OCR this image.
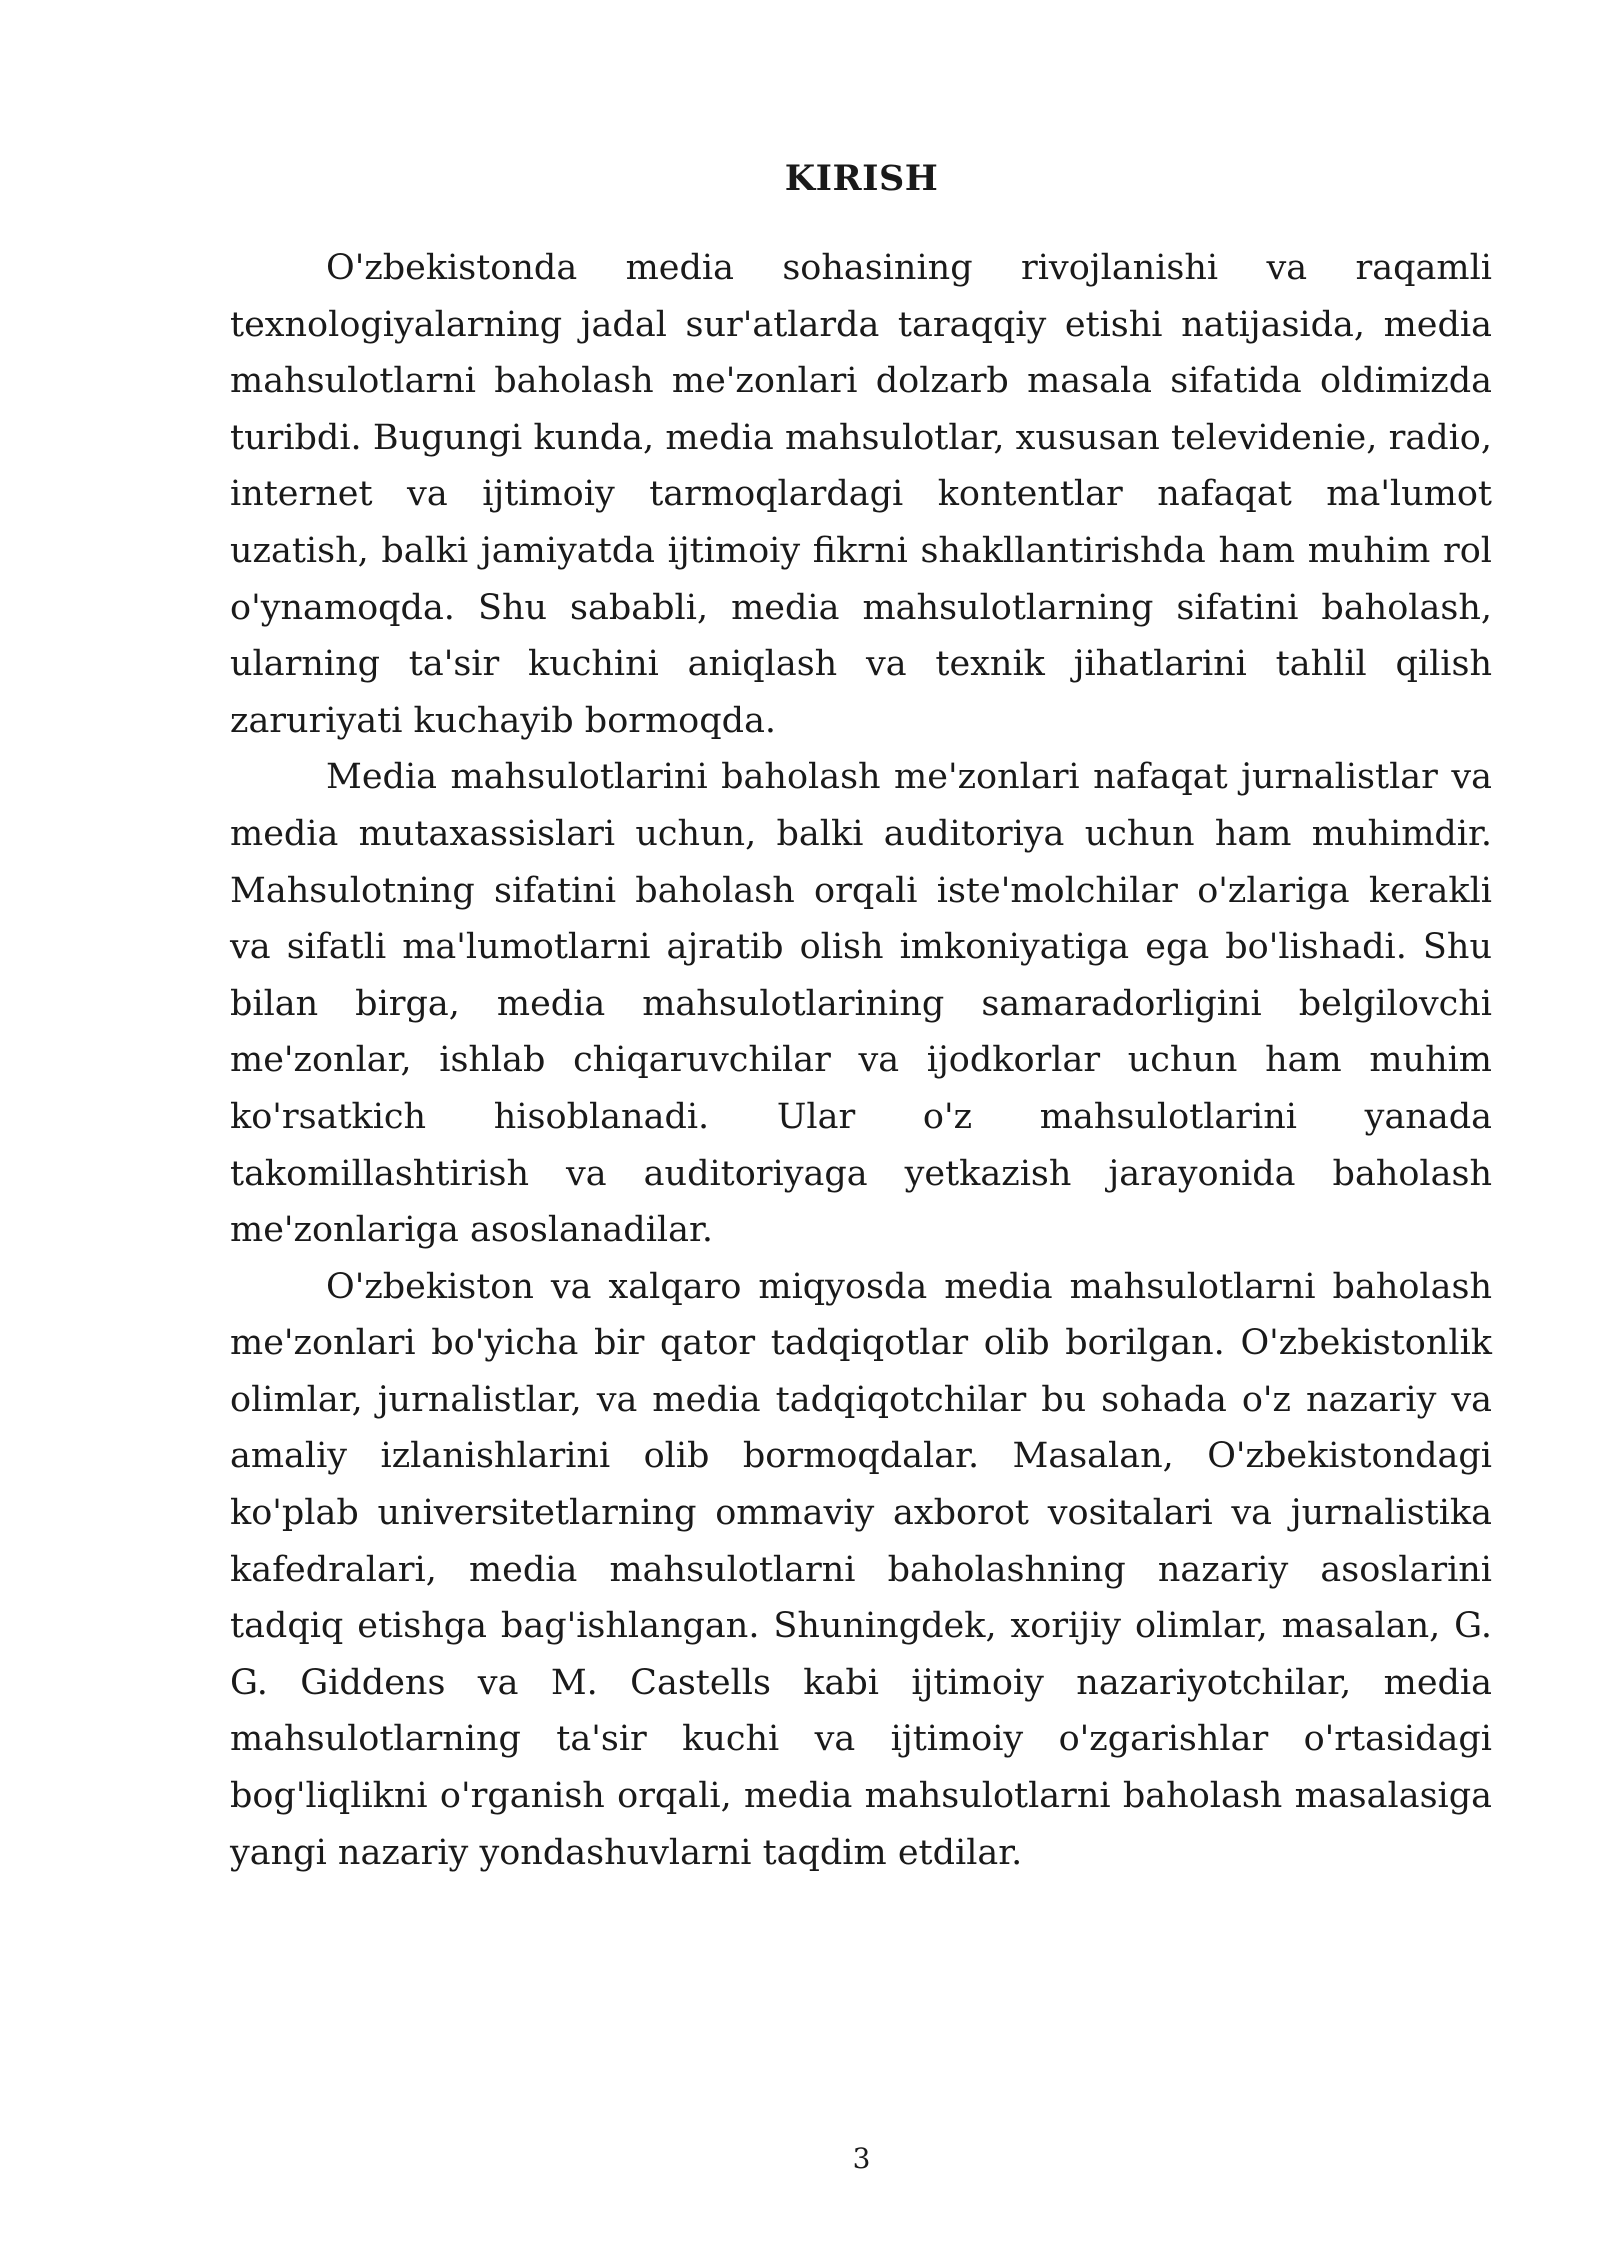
KIRISH

O'zbekistonda media sohasining rivojlanishi va raqamli texnologiyalarning jadal sur'atlarda taraqqiy etishi natijasida, media mahsulotlarni baholash me'zonlari dolzarb masala sifatida oldimizda turibdi. Bugungi kunda, media mahsulotlar, xususan televidenie, radio, internet va ijtimoiy tarmoqlardagi kontentlar nafaqat ma'lumot uzatish, balki jamiyatda ijtimoiy fikrni shakllantirishda ham muhim rol o'ynamoqda. Shu sababli, media mahsulotlarning sifatini baholash, ularning ta'sir kuchini aniqlash va texnik jihatlarini tahlil qilish zaruriyati kuchayib bormoqda.

Media mahsulotlarini baholash me'zonlari nafaqat jurnalistlar va media mutaxassislari uchun, balki auditoriya uchun ham muhimdir. Mahsulotning sifatini baholash orqali iste'molchilar o'zlariga kerakli va sifatli ma'lumotlarni ajratib olish imkoniyatiga ega bo'lishadi. Shu bilan birga, media mahsulotlarining samaradorligini belgilovchi me'zonlar, ishlab chiqaruvchilar va ijodkorlar uchun ham muhim ko'rsatkich hisoblanadi. Ular o'z mahsulotlarini yanada takomillashtirish va auditoriyaga yetkazish jarayonida baholash me'zonlariga asoslanadilar.

O'zbekiston va xalqaro miqyosda media mahsulotlarni baholash me'zonlari bo'yicha bir qator tadqiqotlar olib borilgan. O'zbekistonlik olimlar, jurnalistlar, va media tadqiqotchilar bu sohada o'z nazariy va amaliy izlanishlarini olib bormoqdalar. Masalan, O'zbekistondagi ko'plab universitetlarning ommaviy axborot vositalari va jurnalistika kafedralari, media mahsulotlarni baholashning nazariy asoslarini tadqiq etishga bag'ishlangan. Shuningdek, xorijiy olimlar, masalan, G. G. Giddens va M. Castells kabi ijtimoiy nazariyotchilar, media mahsulotlarning ta'sir kuchi va ijtimoiy o'zgarishlar o'rtasidagi bog'liqlikni o'rganish orqali, media mahsulotlarni baholash masalasiga yangi nazariy yondashuvlarni taqdim etdilar.

3
